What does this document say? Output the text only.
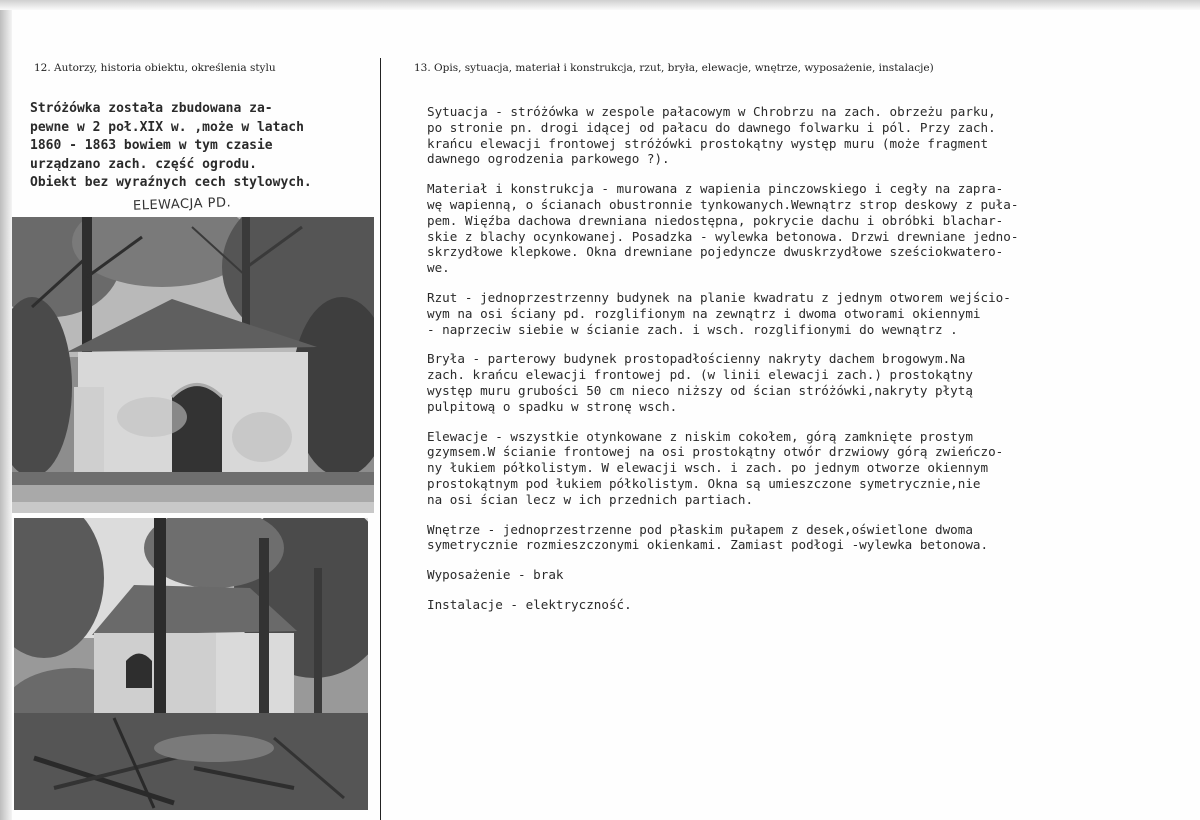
12. Autorzy, historia obiektu, określenia stylu	13. Opis, sytuacja, materiał i konstrukcja, rzut, bryła, elewacje, wnętrze, wyposażenie, instalacje)

Stróżówka została zbudowana za-

pewne w 2 poł.XIX w. ,może w latach

1860 - 1863 bowiem w tym czasie

urządzano zach. część ogrodu.

Obiekt bez wyraźnych cech stylowych.

ELEWACJA PD.
Sytuacja - stróżówka w zespole pałacowym w Chrobrzu na zach. obrzeżu parku,
po stronie pn. drogi idącej od pałacu do dawnego folwarku i pól. Przy zach.
krańcu elewacji frontowej stróżówki prostokątny występ muru (może fragment
dawnego ogrodzenia parkowego ?).
Materiał i konstrukcja - murowana z wapienia pinczowskiego i cegły na zapra-
wę wapienną, o ścianach obustronnie tynkowanych.Wewnątrz strop deskowy z puła-
pem. Więźba dachowa drewniana niedostępna, pokrycie dachu i obróbki blachar-
skie z blachy ocynkowanej. Posadzka - wylewka betonowa. Drzwi drewniane jedno-
skrzydłowe klepkowe. Okna drewniane pojedyncze dwuskrzydłowe sześciokwatero-
we.
Rzut - jednoprzestrzenny budynek na planie kwadratu z jednym otworem wejścio-
wym na osi ściany pd. rozglifionym na zewnątrz i dwoma otworami okiennymi
- naprzeciw siebie w ścianie zach. i wsch. rozglifionymi do wewnątrz .
Bryła - parterowy budynek prostopadłościenny nakryty dachem brogowym.Na
zach. krańcu elewacji frontowej pd. (w linii elewacji zach.) prostokątny
występ muru grubości 50 cm nieco niższy od ścian stróżówki,nakryty płytą
pulpitową o spadku w stronę wsch.
Elewacje - wszystkie otynkowane z niskim cokołem, górą zamknięte prostym
gzymsem.W ścianie frontowej na osi prostokątny otwór drzwiowy górą zwieńczo-
ny łukiem półkolistym. W elewacji wsch. i zach. po jednym otworze okiennym
prostokątnym pod łukiem półkolistym. Okna są umieszczone symetrycznie,nie
na osi ścian lecz w ich przednich partiach.
Wnętrze - jednoprzestrzenne pod płaskim pułapem z desek,oświetlone dwoma
symetrycznie rozmieszczonymi okienkami. Zamiast podłogi -wylewka betonowa.
Wyposażenie - brak
Instalacje - elektryczność.
